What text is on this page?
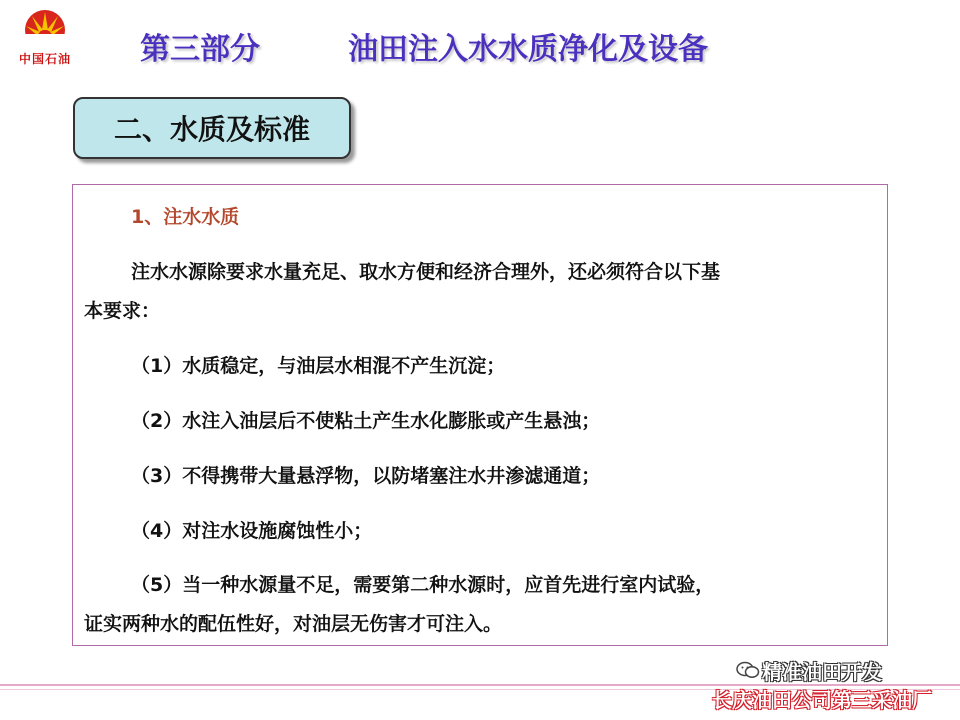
中国石油	第三部分	油田注入水水质净化及设备
二、水质及标准
1、注水水质
注水水源除要求水量充足、取水方便和经济合理外，还必须符合以下基
本要求：
（1）水质稳定，与油层水相混不产生沉淀；
（2）水注入油层后不使粘土产生水化膨胀或产生悬浊；
（3）不得携带大量悬浮物，以防堵塞注水井渗滤通道；
（4）对注水设施腐蚀性小；
（5）当一种水源量不足，需要第二种水源时，应首先进行室内试验，
证实两种水的配伍性好，对油层无伤害才可注入。
精准油田开发
长庆油田公司第三采油厂
